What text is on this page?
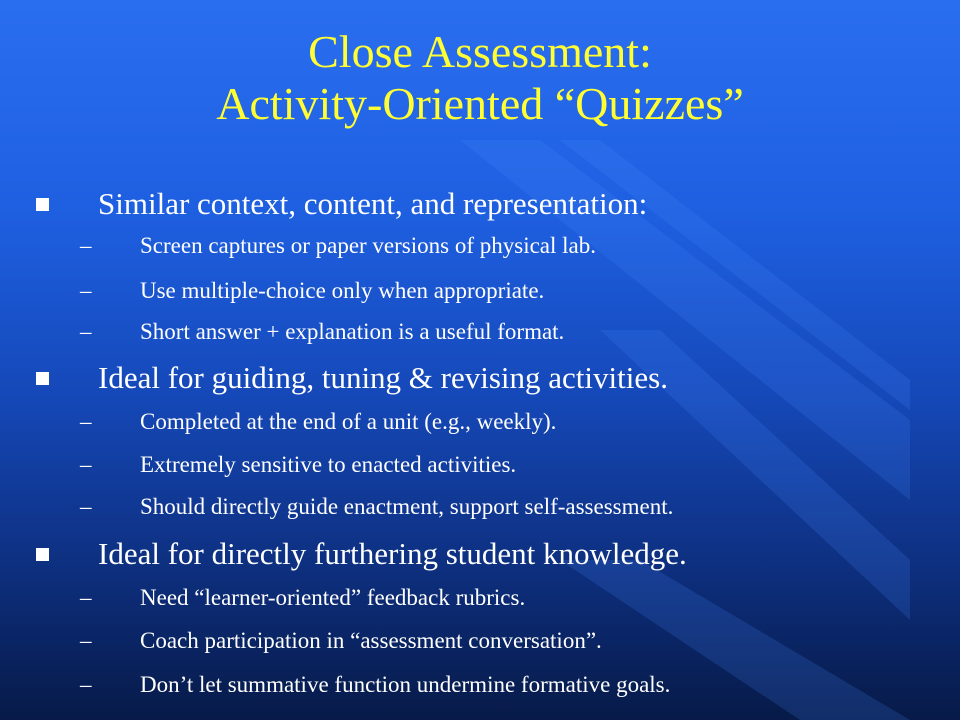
Close Assessment:
Activity-Oriented “Quizzes”
Similar context, content, and representation:
– Screen captures or paper versions of physical lab.
– Use multiple-choice only when appropriate.
– Short answer + explanation is a useful format.
Ideal for guiding, tuning & revising activities.
– Completed at the end of a unit (e.g., weekly).
– Extremely sensitive to enacted activities.
– Should directly guide enactment, support self-assessment.
Ideal for directly furthering student knowledge.
– Need “learner-oriented” feedback rubrics.
– Coach participation in “assessment conversation”.
– Don’t let summative function undermine formative goals.
